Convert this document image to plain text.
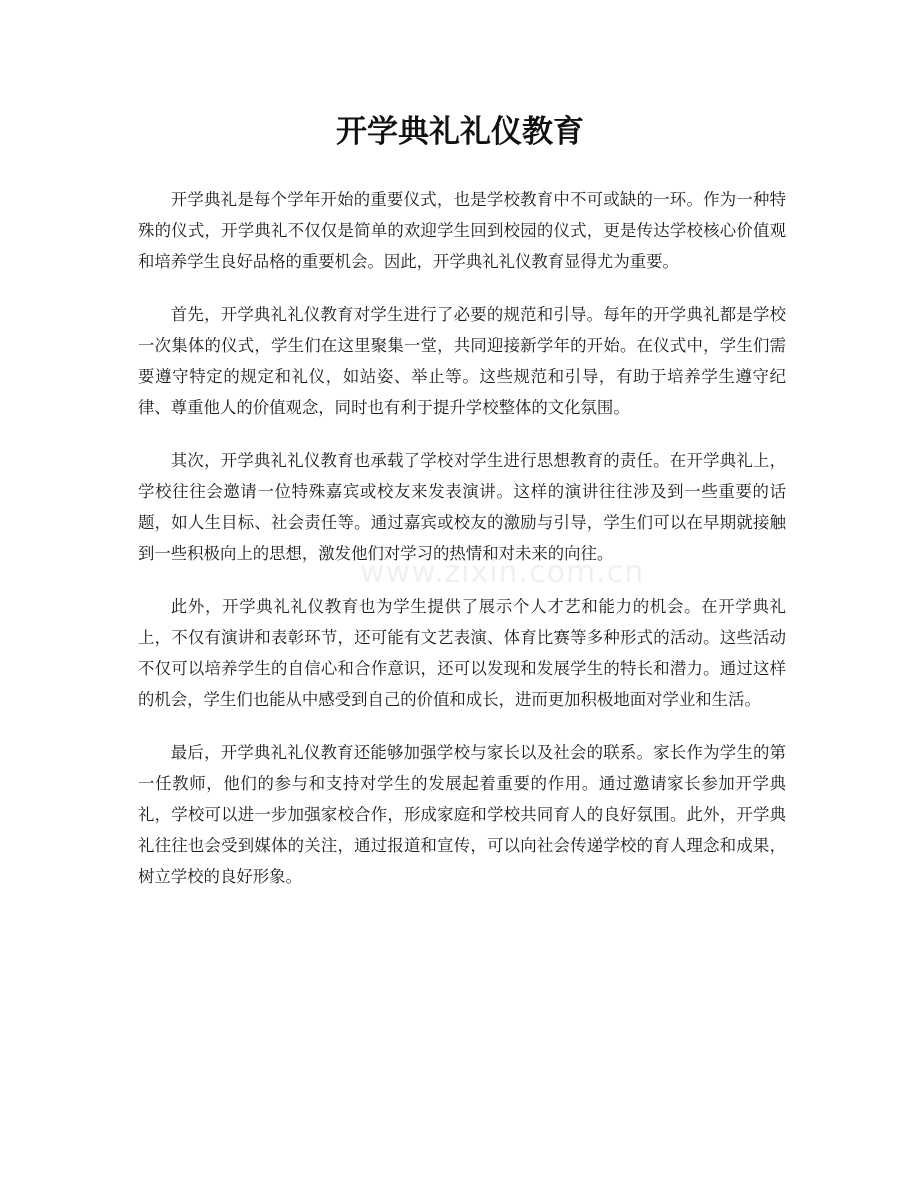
开学典礼礼仪教育

开学典礼是每个学年开始的重要仪式，也是学校教育中不可或缺的一环。作为一种特殊的仪式，开学典礼不仅仅是简单的欢迎学生回到校园的仪式，更是传达学校核心价值观和培养学生良好品格的重要机会。因此，开学典礼礼仪教育显得尤为重要。

首先，开学典礼礼仪教育对学生进行了必要的规范和引导。每年的开学典礼都是学校一次集体的仪式，学生们在这里聚集一堂，共同迎接新学年的开始。在仪式中，学生们需要遵守特定的规定和礼仪，如站姿、举止等。这些规范和引导，有助于培养学生遵守纪律、尊重他人的价值观念，同时也有利于提升学校整体的文化氛围。

其次，开学典礼礼仪教育也承载了学校对学生进行思想教育的责任。在开学典礼上，学校往往会邀请一位特殊嘉宾或校友来发表演讲。这样的演讲往往涉及到一些重要的话题，如人生目标、社会责任等。通过嘉宾或校友的激励与引导，学生们可以在早期就接触到一些积极向上的思想，激发他们对学习的热情和对未来的向往。

此外，开学典礼礼仪教育也为学生提供了展示个人才艺和能力的机会。在开学典礼上，不仅有演讲和表彰环节，还可能有文艺表演、体育比赛等多种形式的活动。这些活动不仅可以培养学生的自信心和合作意识，还可以发现和发展学生的特长和潜力。通过这样的机会，学生们也能从中感受到自己的价值和成长，进而更加积极地面对学业和生活。

最后，开学典礼礼仪教育还能够加强学校与家长以及社会的联系。家长作为学生的第一任教师，他们的参与和支持对学生的发展起着重要的作用。通过邀请家长参加开学典礼，学校可以进一步加强家校合作，形成家庭和学校共同育人的良好氛围。此外，开学典礼往往也会受到媒体的关注，通过报道和宣传，可以向社会传递学校的育人理念和成果，树立学校的良好形象。

www.zixin.com.cn
